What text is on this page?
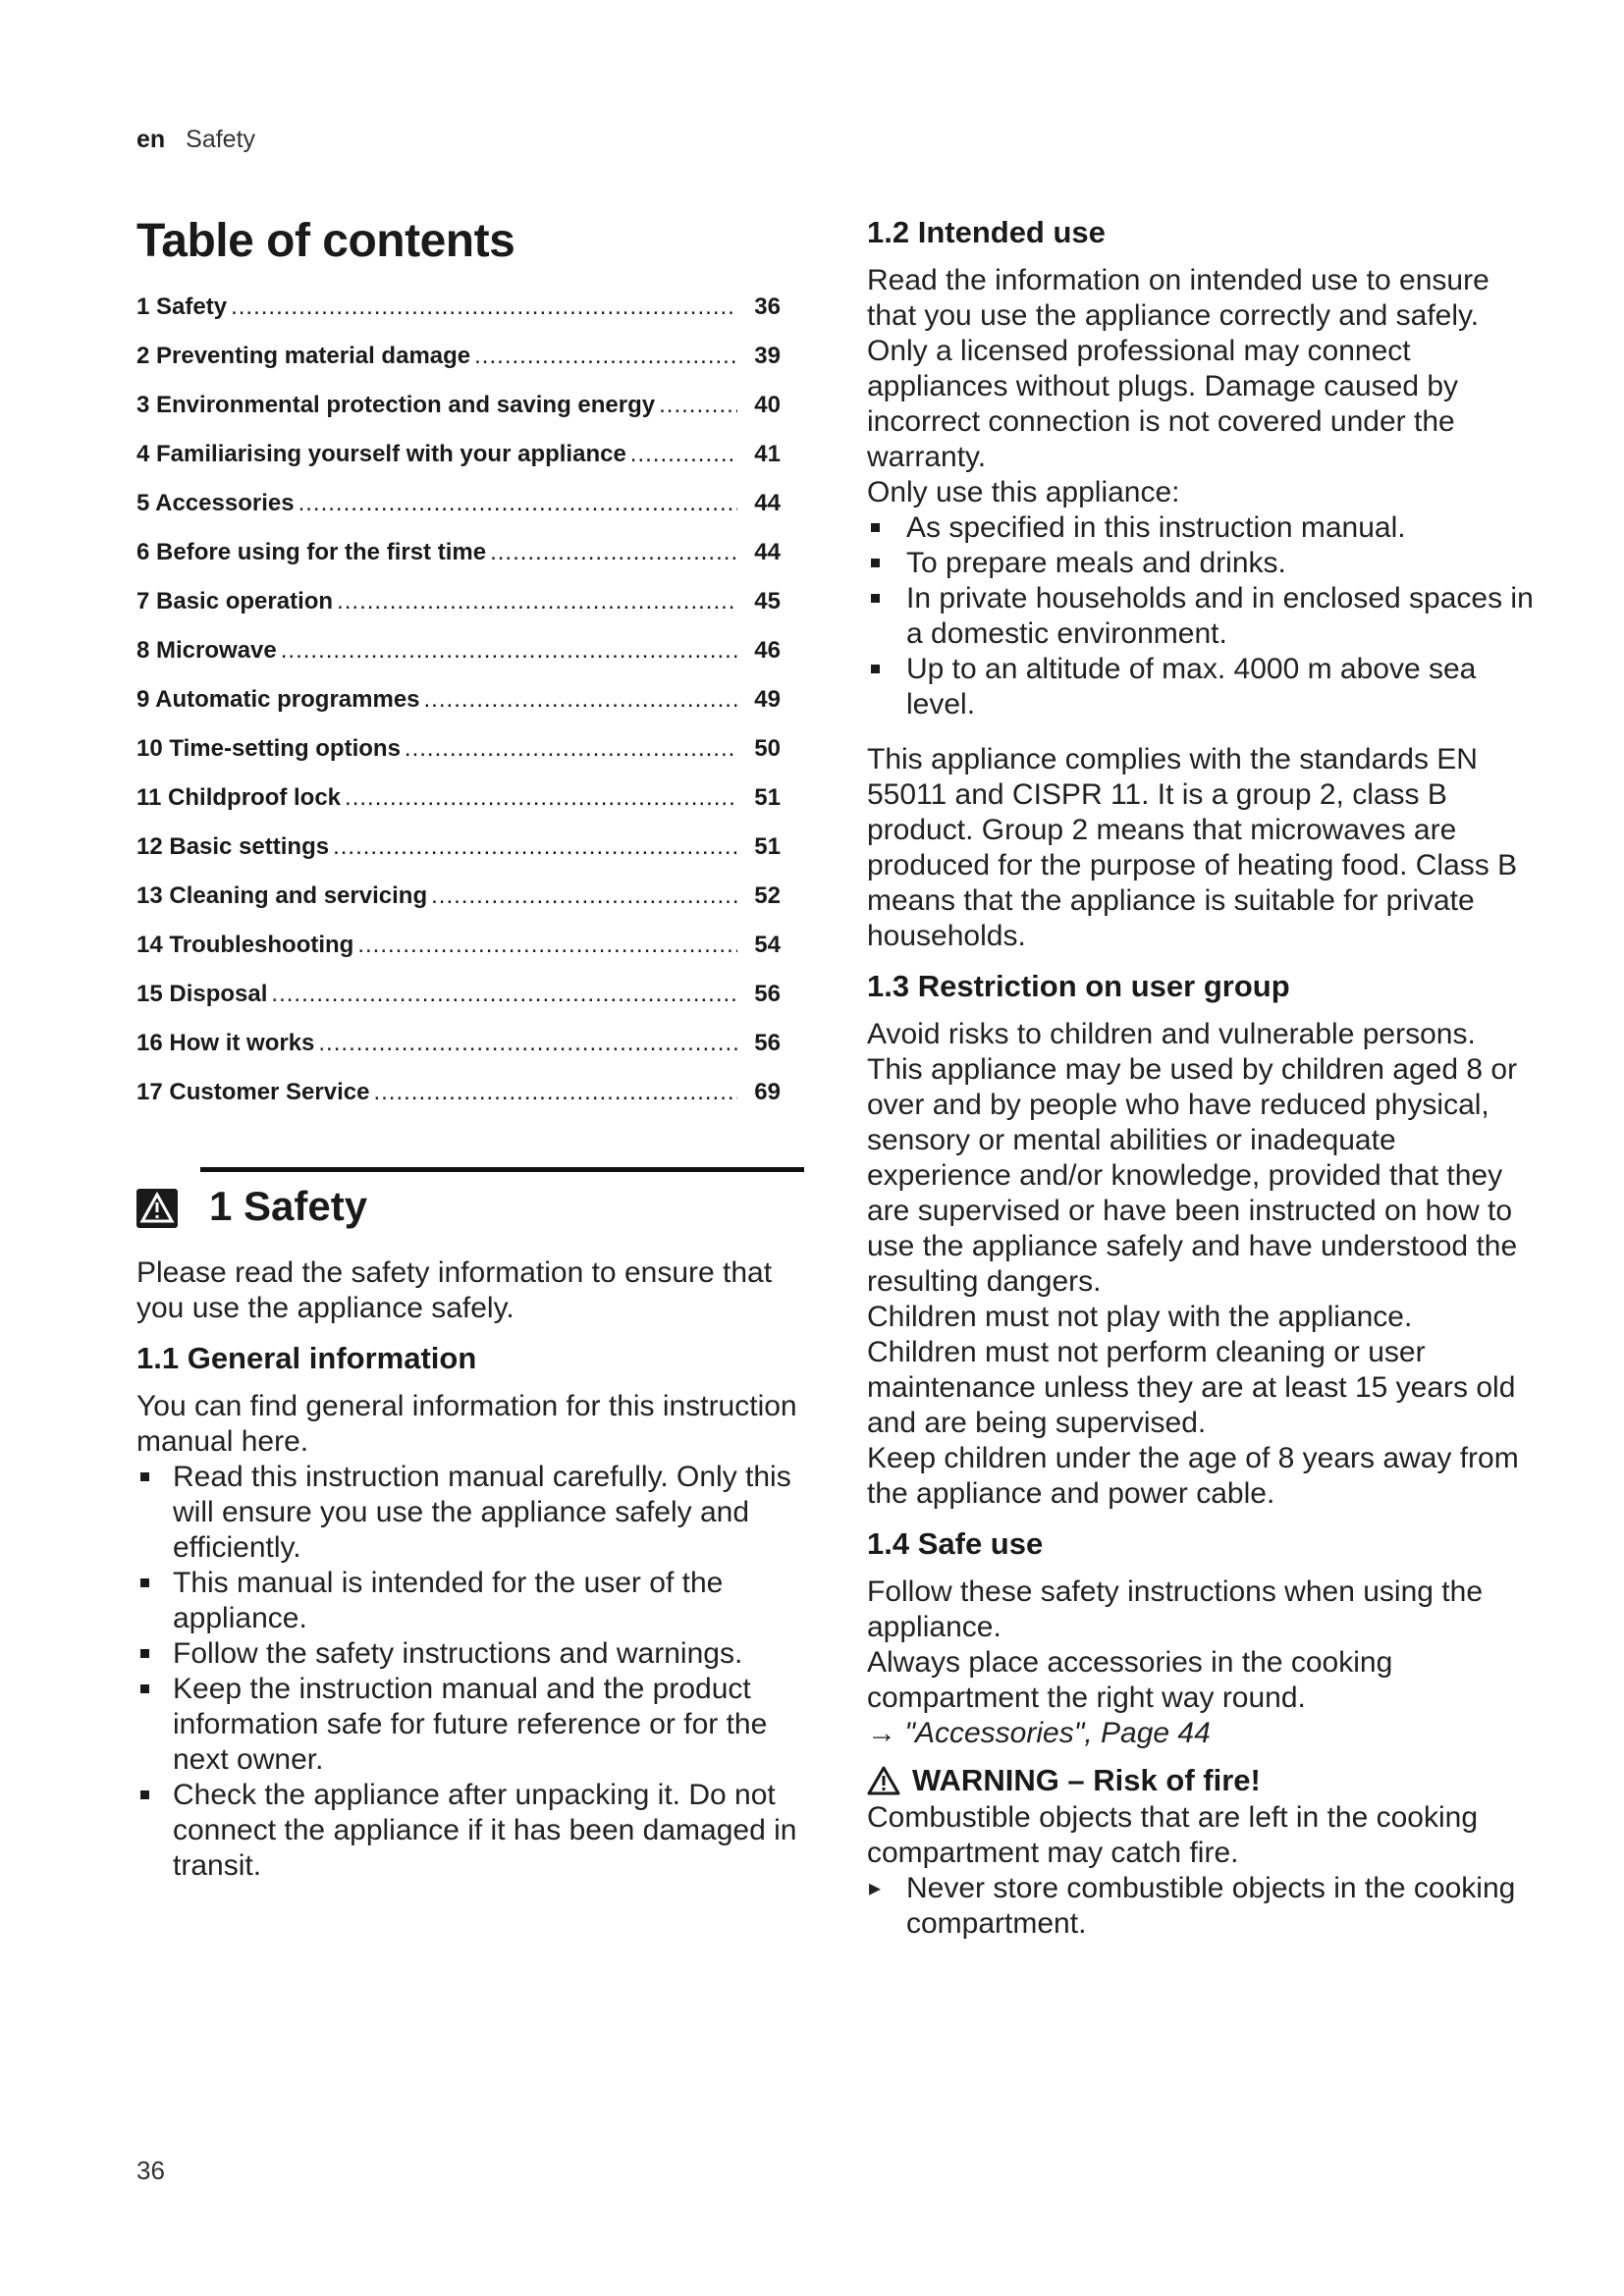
en Safety
Table of contents
1 Safety .....	36
2 Preventing material damage .....	39
3 Environmental protection and saving energy .....	40
4 Familiarising yourself with your appliance .....	41
5 Accessories .....	44
6 Before using for the first time .....	44
7 Basic operation .....	45
8 Microwave .....	46
9 Automatic programmes .....	49
10 Time-setting options .....	50
11 Childproof lock .....	51
12 Basic settings .....	51
13 Cleaning and servicing .....	52
14 Troubleshooting .....	54
15 Disposal .....	56
16 How it works .....	56
17 Customer Service .....	69
1 Safety

Please read the safety information to ensure that you use the appliance safely.

1.1 General information

You can find general information for this instruction manual here.

Read this instruction manual carefully. Only this will ensure you use the appliance safely and efficiently.
This manual is intended for the user of the appliance.
Follow the safety instructions and warnings.
Keep the instruction manual and the product information safe for future reference or for the next owner.
Check the appliance after unpacking it. Do not connect the appliance if it has been damaged in transit.
1.2 Intended use

Read the information on intended use to ensure that you use the appliance correctly and safely.

Only a licensed professional may connect appliances without plugs. Damage caused by incorrect connection is not covered under the warranty.

Only use this appliance:

As specified in this instruction manual.
To prepare meals and drinks.
In private households and in enclosed spaces in a domestic environment.
Up to an altitude of max. 4000 m above sea level.

This appliance complies with the standards EN 55011 and CISPR 11. It is a group 2, class B product. Group 2 means that microwaves are produced for the purpose of heating food. Class B means that the appliance is suitable for private households.

1.3 Restriction on user group

Avoid risks to children and vulnerable persons.

This appliance may be used by children aged 8 or over and by people who have reduced physical, sensory or mental abilities or inadequate experience and/or knowledge, provided that they are supervised or have been instructed on how to use the appliance safely and have understood the resulting dangers.

Children must not play with the appliance.

Children must not perform cleaning or user maintenance unless they are at least 15 years old and are being supervised.

Keep children under the age of 8 years away from the appliance and power cable.

1.4 Safe use

Follow these safety instructions when using the appliance.

Always place accessories in the cooking compartment the right way round.

→ "Accessories", Page 44
WARNING – Risk of fire!

Combustible objects that are left in the cooking compartment may catch fire.

▸ Never store combustible objects in the cooking compartment.
36
